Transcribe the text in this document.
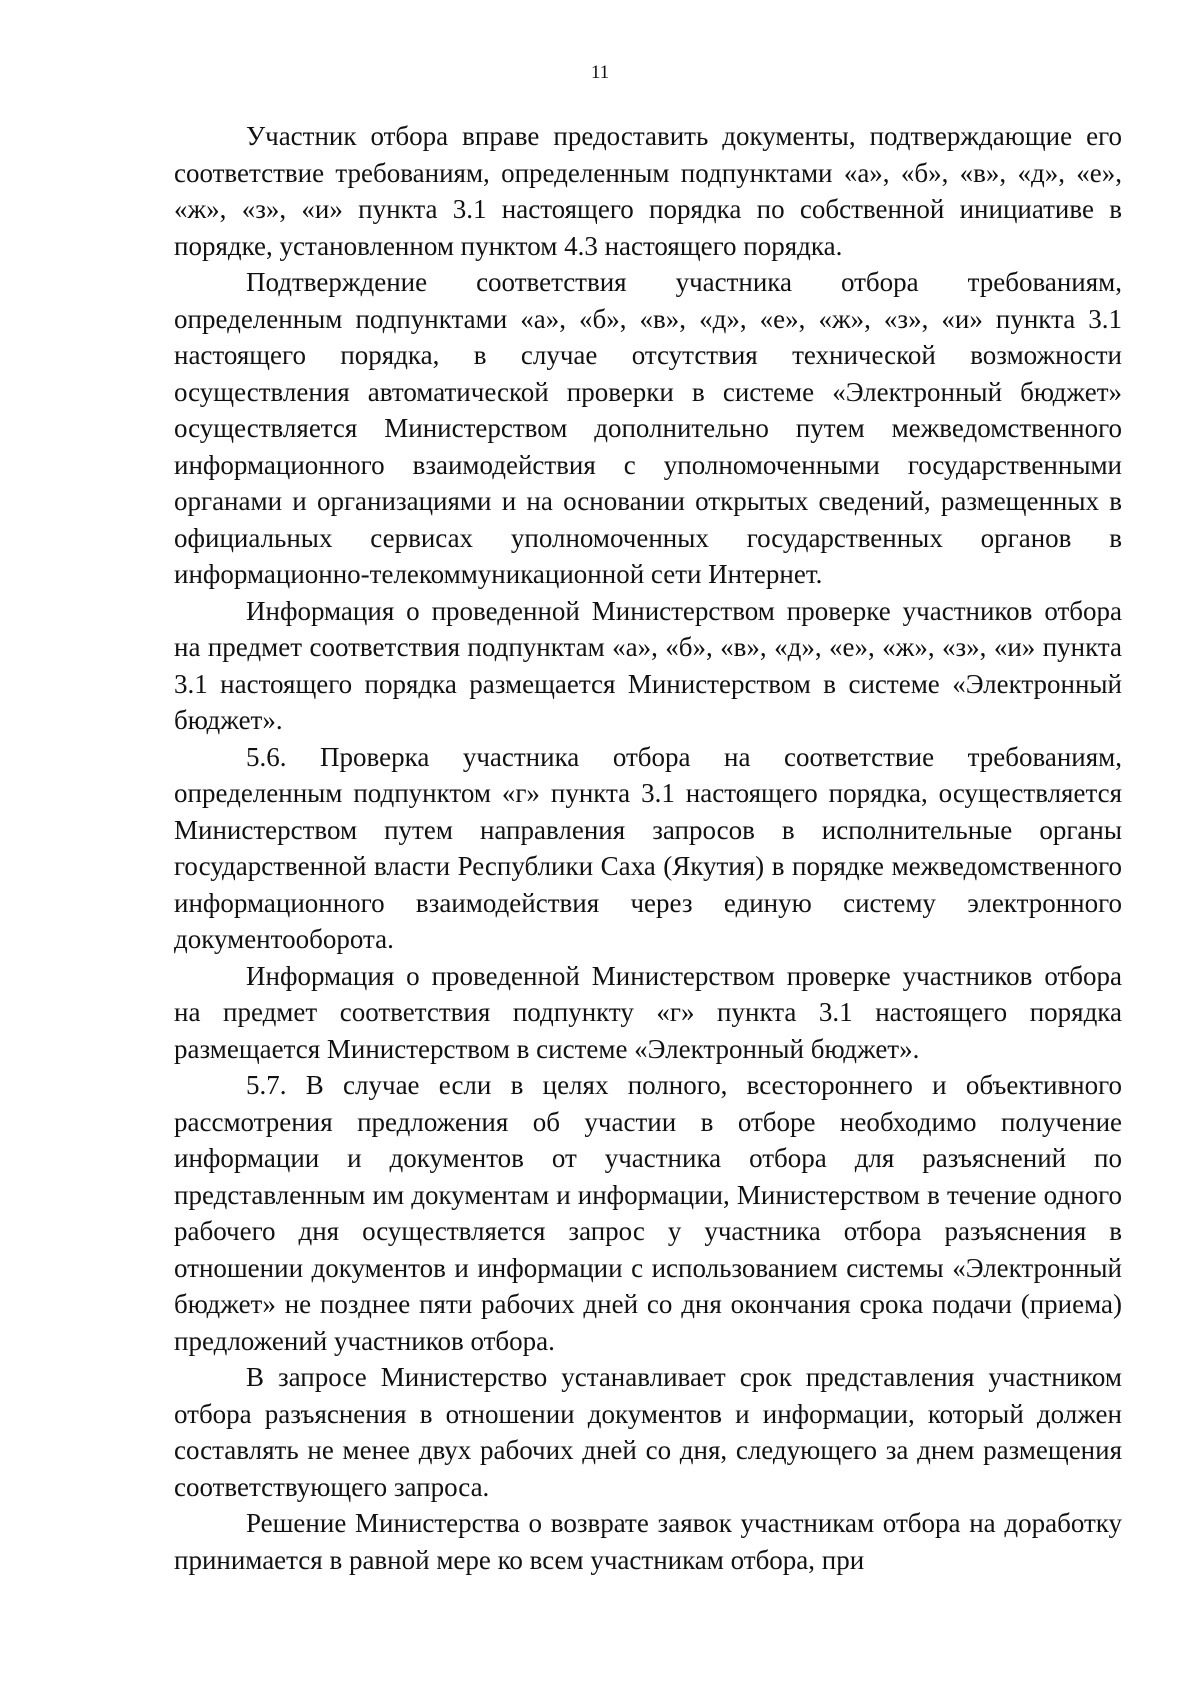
11

Участник отбора вправе предоставить документы, подтверждающие его соответствие требованиям, определенным подпунктами «а», «б», «в», «д», «е», «ж», «з», «и» пункта 3.1 настоящего порядка по собственной инициативе в порядке, установленном пунктом 4.3 настоящего порядка.

Подтверждение соответствия участника отбора требованиям, определенным подпунктами «а», «б», «в», «д», «е», «ж», «з», «и» пункта 3.1 настоящего порядка, в случае отсутствия технической возможности осуществления автоматической проверки в системе «Электронный бюджет» осуществляется Министерством дополнительно путем межведомственного информационного взаимодействия с уполномоченными государственными органами и организациями и на основании открытых сведений, размещенных в официальных сервисах уполномоченных государственных органов в информационно-телекоммуникационной сети Интернет.

Информация о проведенной Министерством проверке участников отбора на предмет соответствия подпунктам «а», «б», «в», «д», «е», «ж», «з», «и» пункта 3.1 настоящего порядка размещается Министерством в системе «Электронный бюджет».

5.6. Проверка участника отбора на соответствие требованиям, определенным подпунктом «г» пункта 3.1 настоящего порядка, осуществляется Министерством путем направления запросов в исполнительные органы государственной власти Республики Саха (Якутия) в порядке межведомственного информационного взаимодействия через единую систему электронного документооборота.

Информация о проведенной Министерством проверке участников отбора на предмет соответствия подпункту «г» пункта 3.1 настоящего порядка размещается Министерством в системе «Электронный бюджет».

5.7. В случае если в целях полного, всестороннего и объективного рассмотрения предложения об участии в отборе необходимо получение информации и документов от участника отбора для разъяснений по представленным им документам и информации, Министерством в течение одного рабочего дня осуществляется запрос у участника отбора разъяснения в отношении документов и информации с использованием системы «Электронный бюджет» не позднее пяти рабочих дней со дня окончания срока подачи (приема) предложений участников отбора.

В запросе Министерство устанавливает срок представления участником отбора разъяснения в отношении документов и информации, который должен составлять не менее двух рабочих дней со дня, следующего за днем размещения соответствующего запроса.

Решение Министерства о возврате заявок участникам отбора на доработку принимается в равной мере ко всем участникам отбора, при
